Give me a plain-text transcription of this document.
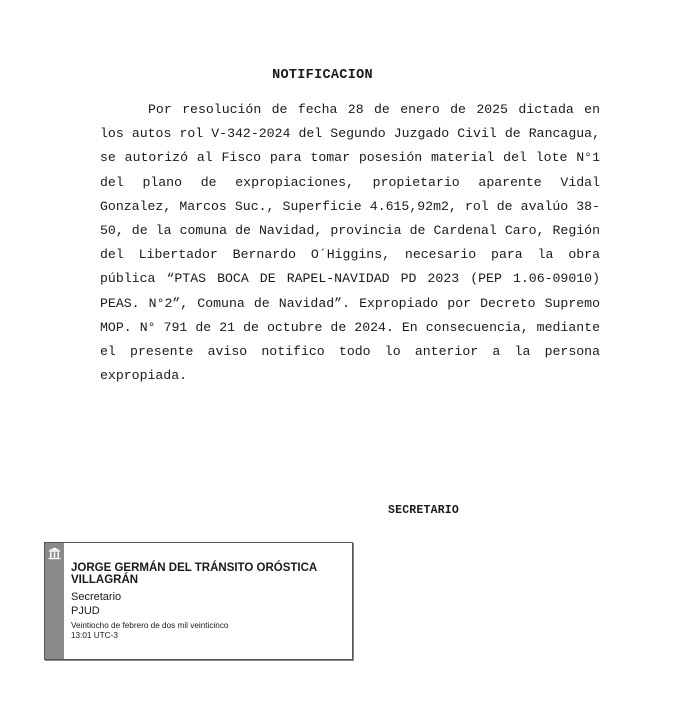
NOTIFICACION

Por resolución de fecha 28 de enero de 2025 dictada en los autos rol V-342-2024 del Segundo Juzgado Civil de Rancagua, se autorizó al Fisco para tomar posesión material del lote N°1 del plano de expropiaciones, propietario aparente Vidal Gonzalez, Marcos Suc., Superficie 4.615,92m2, rol de avalúo 38-50, de la comuna de Navidad, provincia de Cardenal Caro, Región del Libertador Bernardo O´Higgins, necesario para la obra pública “PTAS BOCA DE RAPEL-NAVIDAD PD 2023 (PEP 1.06-09010) PEAS. N°2”, Comuna de Navidad”. Expropiado por Decreto Supremo MOP. N° 791 de 21 de octubre de 2024. En consecuencia, mediante el presente aviso notifico todo lo anterior a la persona expropiada.

SECRETARIO
JORGE GERMÁN DEL TRÁNSITO ORÓSTICA VILLAGRÁN
Secretario
PJUD
Veintiocho de febrero de dos mil veinticinco
13:01 UTC-3
